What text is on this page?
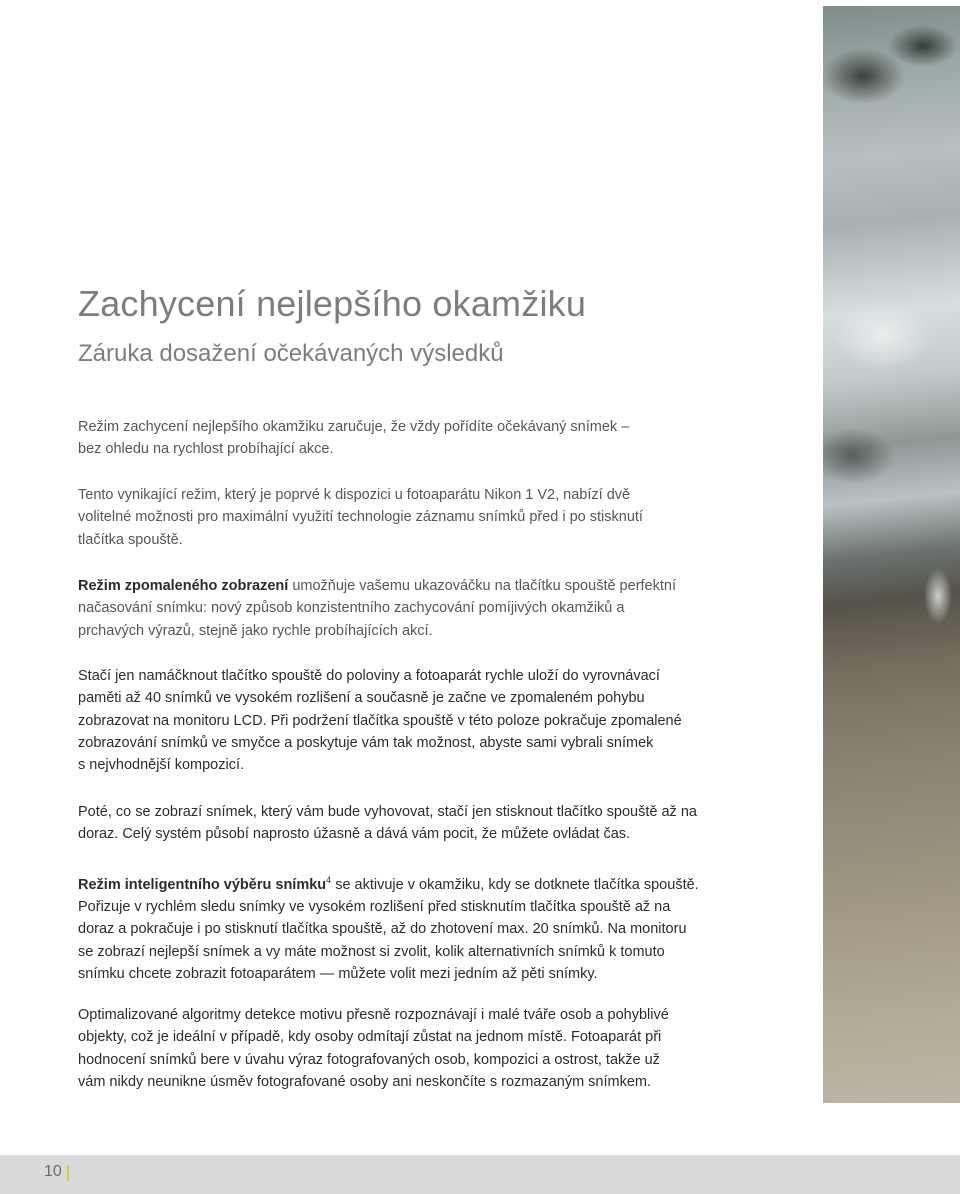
Zachycení nejlepšího okamžiku
Záruka dosažení očekávaných výsledků

Režim zachycení nejlepšího okamžiku zaručuje, že vždy pořídíte očekávaný snímek –
bez ohledu na rychlost probíhající akce.

Tento vynikající režim, který je poprvé k dispozici u fotoaparátu Nikon 1 V2, nabízí dvě
volitelné možnosti pro maximální využití technologie záznamu snímků před i po stisknutí
tlačítka spouště.

Režim zpomaleného zobrazení umožňuje vašemu ukazováčku na tlačítku spouště perfektní
načasování snímku: nový způsob konzistentního zachycování pomíjivých okamžiků a
prchavých výrazů, stejně jako rychle probíhajících akcí.

Stačí jen namáčknout tlačítko spouště do poloviny a fotoaparát rychle uloží do vyrovnávací
paměti až 40 snímků ve vysokém rozlišení a současně je začne ve zpomaleném pohybu
zobrazovat na monitoru LCD. Při podržení tlačítka spouště v této poloze pokračuje zpomalené
zobrazování snímků ve smyčce a poskytuje vám tak možnost, abyste sami vybrali snímek
s nejvhodnější kompozicí.

Poté, co se zobrazí snímek, který vám bude vyhovovat, stačí jen stisknout tlačítko spouště až na
doraz. Celý systém působí naprosto úžasně a dává vám pocit, že můžete ovládat čas.

Režim inteligentního výběru snímku$^4$ se aktivuje v okamžiku, kdy se dotknete tlačítka spouště.
Pořizuje v rychlém sledu snímky ve vysokém rozlišení před stisknutím tlačítka spouště až na
doraz a pokračuje i po stisknutí tlačítka spouště, až do zhotovení max. 20 snímků. Na monitoru
se zobrazí nejlepší snímek a vy máte možnost si zvolit, kolik alternativních snímků k tomuto
snímku chcete zobrazit fotoaparátem — můžete volit mezi jedním až pěti snímky.

Optimalizované algoritmy detekce motivu přesně rozpoznávají i malé tváře osob a pohyblivé
objekty, což je ideální v případě, kdy osoby odmítají zůstat na jednom místě. Fotoaparát při
hodnocení snímků bere v úvahu výraz fotografovaných osob, kompozici a ostrost, takže už
vám nikdy neunikne úsměv fotografované osoby ani neskončíte s rozmazaným snímkem.

10
